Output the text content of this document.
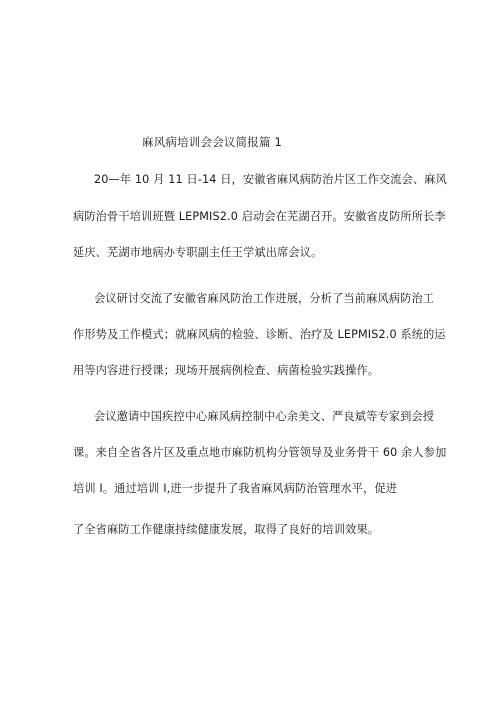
麻风病培训会会议简报篇 1
20—年 10 月 11 日-14 日，安徽省麻风病防治片区工作交流会、麻风
病防治骨干培训班暨 LEPMIS2.0 启动会在芜湖召开。安徽省皮防所所长李
延庆、芜湖市地病办专职副主任王学斌出席会议。
会议研讨交流了安徽省麻风防治工作进展，分析了当前麻风病防治工
作形势及工作模式；就麻风病的检验、诊断、治疗及 LEPMIS2.0 系统的运
用等内容进行授课；现场开展病例检查、病菌检验实践操作。
会议邀请中国疾控中心麻风病控制中心余美文、严良斌等专家到会授
课。来自全省各片区及重点地市麻防机构分管领导及业务骨干 60 余人参加
培训 I。通过培训 I,进一步提升了我省麻风病防治管理水平，促进
了全省麻防工作健康持续健康发展，取得了良好的培训效果。
